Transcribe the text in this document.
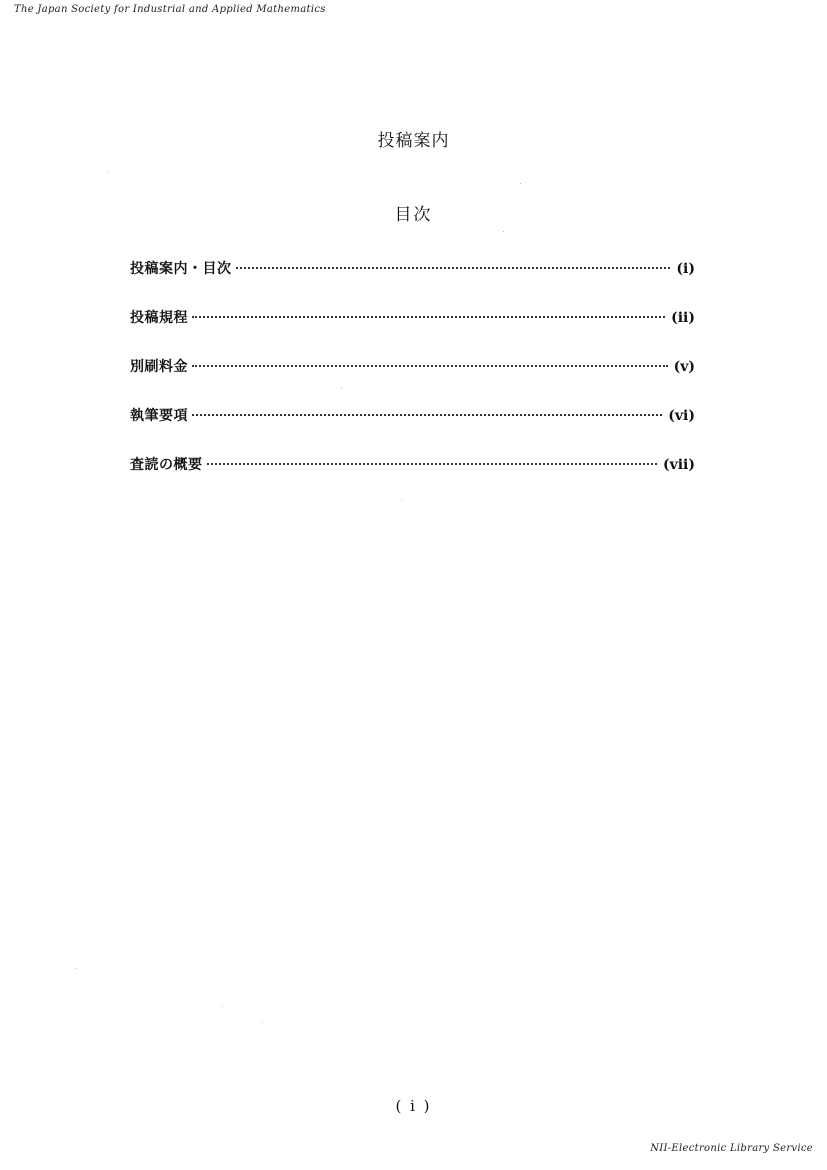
The Japan Society for Industrial and Applied Mathematics
投稿案内
目次
投稿案内・目次	(i)
投稿規程	(ii)
別刷料金	(v)
執筆要項	(vi)
査読の概要	(vii)
( i )
NII-Electronic Library Service
